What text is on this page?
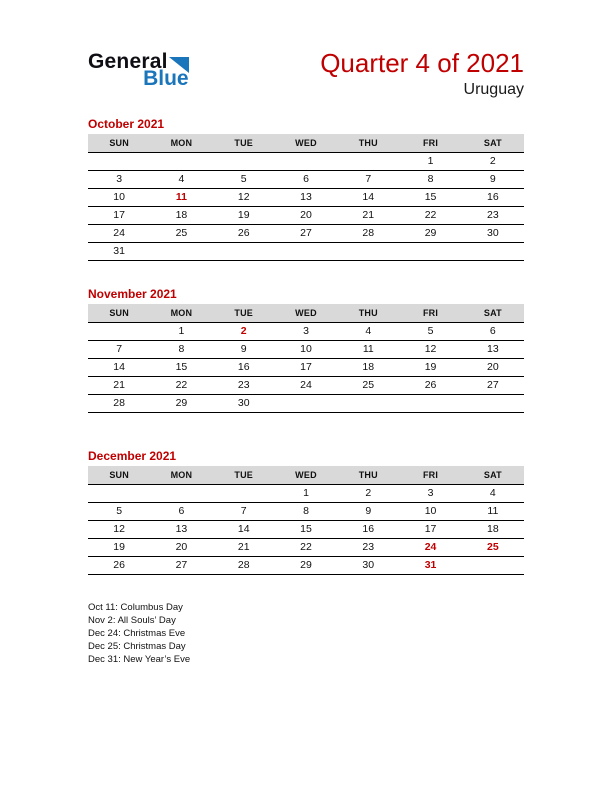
General
Blue
Quarter 4 of 2021
Uruguay
October 2021
SUN	MON	TUE	WED	THU	FRI	SAT
					1	2
3	4	5	6	7	8	9
10	11	12	13	14	15	16
17	18	19	20	21	22	23
24	25	26	27	28	29	30
31						
November 2021
SUN	MON	TUE	WED	THU	FRI	SAT
	1	2	3	4	5	6
7	8	9	10	11	12	13
14	15	16	17	18	19	20
21	22	23	24	25	26	27
28	29	30				
December 2021
SUN	MON	TUE	WED	THU	FRI	SAT
			1	2	3	4
5	6	7	8	9	10	11
12	13	14	15	16	17	18
19	20	21	22	23	24	25
26	27	28	29	30	31	
Oct 11: Columbus Day
Nov 2: All Souls’ Day
Dec 24: Christmas Eve
Dec 25: Christmas Day
Dec 31: New Year’s Eve
